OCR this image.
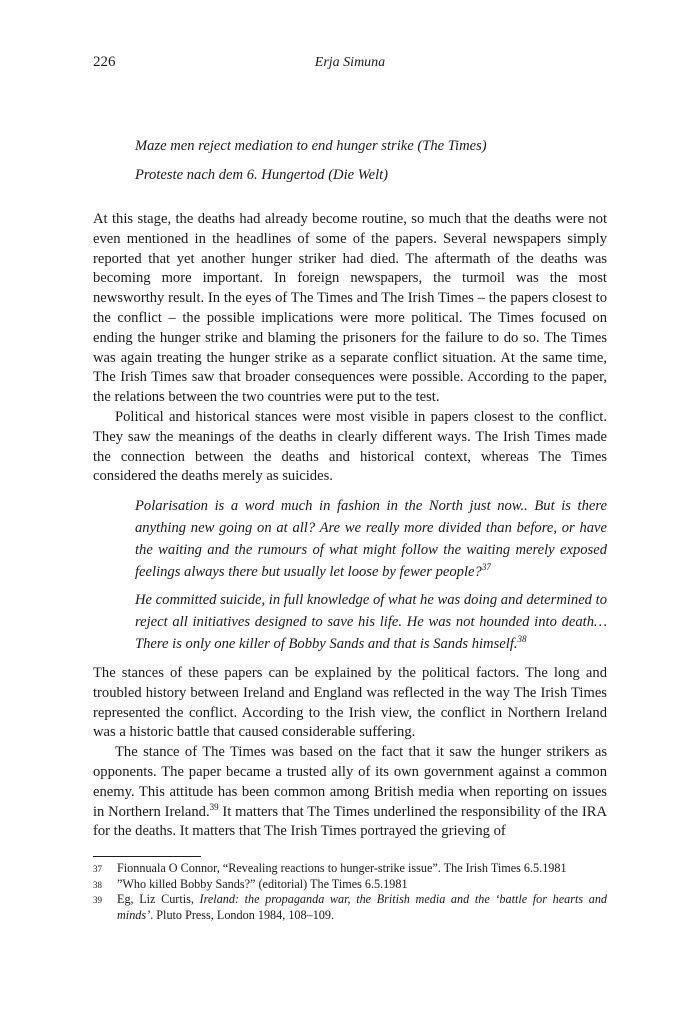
226	Erja Simuna

Maze men reject mediation to end hunger strike (The Times)

Proteste nach dem 6. Hungertod (Die Welt)

At this stage, the deaths had already become routine, so much that the deaths were not even mentioned in the headlines of some of the papers. Several newspapers simply reported that yet another hunger striker had died. The aftermath of the deaths was becoming more important. In foreign newspapers, the turmoil was the most newsworthy result. In the eyes of The Times and The Irish Times – the papers closest to the conflict – the possible implications were more political. The Times focused on ending the hunger strike and blaming the prisoners for the failure to do so. The Times was again treating the hunger strike as a separate conflict situation. At the same time, The Irish Times saw that broader consequences were possible. According to the paper, the relations between the two countries were put to the test.

Political and historical stances were most visible in papers closest to the conflict. They saw the meanings of the deaths in clearly different ways. The Irish Times made the connection between the deaths and historical context, whereas The Times considered the deaths merely as suicides.

Polarisation is a word much in fashion in the North just now.. But is there anything new going on at all? Are we really more divided than before, or have the waiting and the rumours of what might follow the waiting merely exposed feelings always there but usually let loose by fewer people?$^{37}$

He committed suicide, in full knowledge of what he was doing and determined to reject all initiatives designed to save his life. He was not hounded into death… There is only one killer of Bobby Sands and that is Sands himself.$^{38}$

The stances of these papers can be explained by the political factors. The long and troubled history between Ireland and England was reflected in the way The Irish Times represented the conflict. According to the Irish view, the conflict in Northern Ireland was a historic battle that caused considerable suffering.

The stance of The Times was based on the fact that it saw the hunger strikers as opponents. The paper became a trusted ally of its own government against a common enemy. This attitude has been common among British media when reporting on issues in Northern Ireland.$^{39}$ It matters that The Times underlined the responsibility of the IRA for the deaths. It matters that The Irish Times portrayed the grieving of

37 Fionnuala O Connor, “Revealing reactions to hunger-strike issue”. The Irish Times 6.5.1981
38 ”Who killed Bobby Sands?” (editorial) The Times 6.5.1981
39 Eg, Liz Curtis, Ireland: the propaganda war, the British media and the ‘battle for hearts and minds’. Pluto Press, London 1984, 108–109.
